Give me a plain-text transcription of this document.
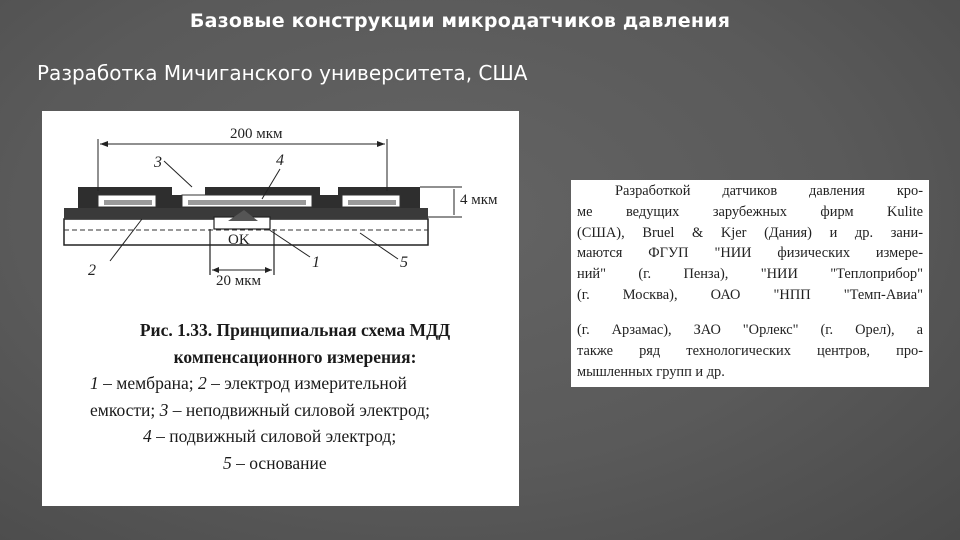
Базовые конструкции микродатчиков давления
Разработка Мичиганского университета, США
200 мкм
4 мкм
20 мкм
OK
3	4
2	1	5
Рис. 1.33. Принципиальная схема МДД
компенсационного измерения:
1 – мембрана; 2 – электрод измерительной
емкости; 3 – неподвижный силовой электрод;
4 – подвижный силовой электрод;
5 – основание
Разработкой датчиков давления кро-
ме ведущих зарубежных фирм Kulite
(США), Bruel & Kjer (Дания) и др. зани-
маются ФГУП "НИИ физических измере-
ний" (г. Пенза), "НИИ "Теплоприбор"
(г. Москва), ОАО "НПП "Темп-Авиа"
(г. Арзамас), ЗАО "Орлекс" (г. Орел), а
также ряд технологических центров, про-
мышленных групп и др.
